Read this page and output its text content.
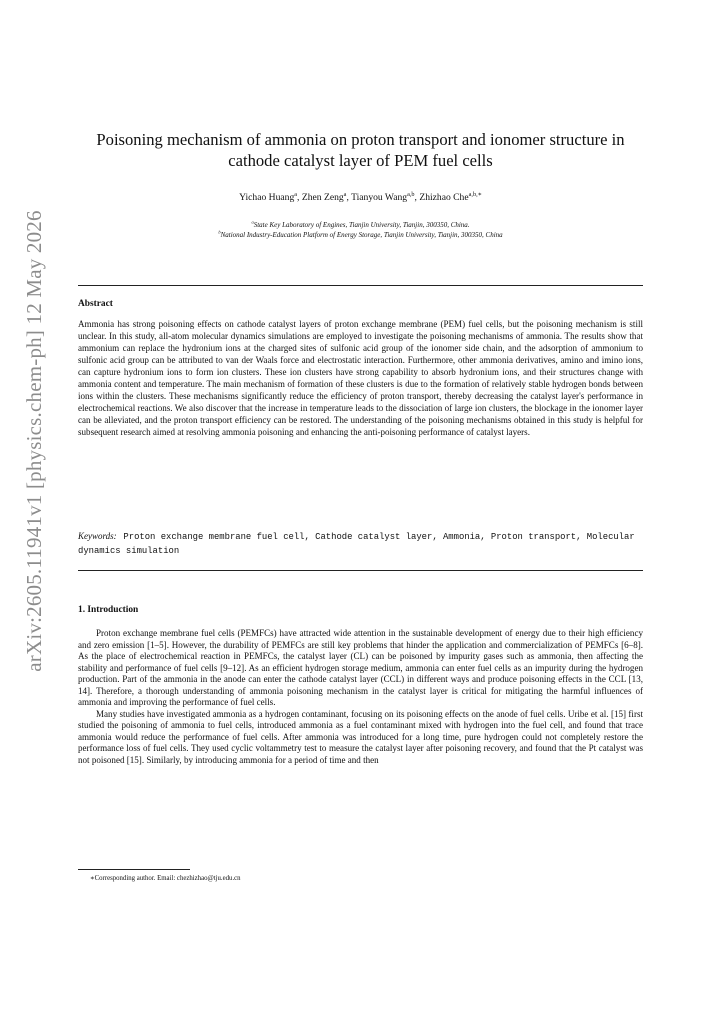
arXiv:2605.11941v1 [physics.chem-ph] 12 May 2026
Poisoning mechanism of ammonia on proton transport and ionomer structure in cathode catalyst layer of PEM fuel cells
Yichao Huang$^a$, Zhen Zeng$^a$, Tianyou Wang$^{a,b}$, Zhizhao Che$^{a,b,∗}$
$^a$State Key Laboratory of Engines, Tianjin University, Tianjin, 300350, China.
$^b$National Industry-Education Platform of Energy Storage, Tianjin University, Tianjin, 300350, China
Abstract
Ammonia has strong poisoning effects on cathode catalyst layers of proton exchange membrane (PEM) fuel cells, but the poisoning mechanism is still unclear. In this study, all-atom molecular dynamics simulations are employed to investigate the poisoning mechanisms of ammonia. The results show that ammonium can replace the hydronium ions at the charged sites of sulfonic acid group of the ionomer side chain, and the adsorption of ammonium to sulfonic acid group can be attributed to van der Waals force and electrostatic interaction. Furthermore, other ammonia derivatives, amino and imino ions, can capture hydronium ions to form ion clusters. These ion clusters have strong capability to absorb hydronium ions, and their structures change with ammonia content and temperature. The main mechanism of formation of these clusters is due to the formation of relatively stable hydrogen bonds between ions within the clusters. These mechanisms significantly reduce the efficiency of proton transport, thereby decreasing the catalyst layer's performance in electrochemical reactions. We also discover that the increase in temperature leads to the dissociation of large ion clusters, the blockage in the ionomer layer can be alleviated, and the proton transport efficiency can be restored. The understanding of the poisoning mechanisms obtained in this study is helpful for subsequent research aimed at resolving ammonia poisoning and enhancing the anti-poisoning performance of catalyst layers.
Keywords: Proton exchange membrane fuel cell, Cathode catalyst layer, Ammonia, Proton transport, Molecular dynamics simulation
1. Introduction

Proton exchange membrane fuel cells (PEMFCs) have attracted wide attention in the sustainable development of energy due to their high efficiency and zero emission [1–5]. However, the durability of PEMFCs are still key problems that hinder the application and commercialization of PEMFCs [6–8]. As the place of electrochemical reaction in PEMFCs, the catalyst layer (CL) can be poisoned by impurity gases such as ammonia, then affecting the stability and performance of fuel cells [9–12]. As an efficient hydrogen storage medium, ammonia can enter fuel cells as an impurity during the hydrogen production. Part of the ammonia in the anode can enter the cathode catalyst layer (CCL) in different ways and produce poisoning effects in the CCL [13, 14]. Therefore, a thorough understanding of ammonia poisoning mechanism in the catalyst layer is critical for mitigating the harmful influences of ammonia and improving the performance of fuel cells.

Many studies have investigated ammonia as a hydrogen contaminant, focusing on its poisoning effects on the anode of fuel cells. Uribe et al. [15] first studied the poisoning of ammonia to fuel cells, introduced ammonia as a fuel contaminant mixed with hydrogen into the fuel cell, and found that trace ammonia would reduce the performance of fuel cells. After ammonia was introduced for a long time, pure hydrogen could not completely restore the performance loss of fuel cells. They used cyclic voltammetry test to measure the catalyst layer after poisoning recovery, and found that the Pt catalyst was not poisoned [15]. Similarly, by introducing ammonia for a period of time and then

∗Corresponding author. Email: chezhizhao@tju.edu.cn
